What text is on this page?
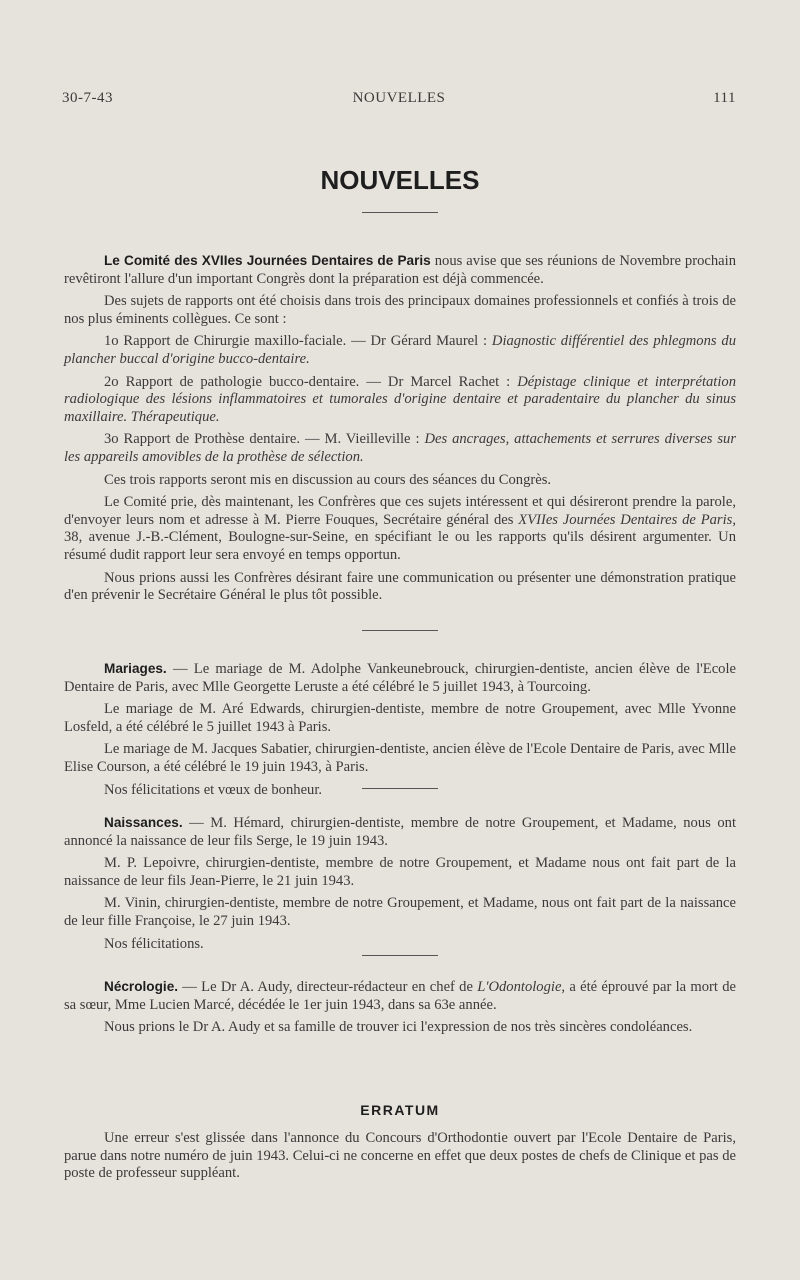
30-7-43	NOUVELLES	111
NOUVELLES

Le Comité des XVIIes Journées Dentaires de Paris nous avise que ses réunions de Novembre prochain revêtiront l'allure d'un important Congrès dont la préparation est déjà commencée.

Des sujets de rapports ont été choisis dans trois des principaux domaines professionnels et confiés à trois de nos plus éminents collègues. Ce sont :

1o Rapport de Chirurgie maxillo-faciale. — Dr Gérard Maurel : Diagnostic différentiel des phlegmons du plancher buccal d'origine bucco-dentaire.

2o Rapport de pathologie bucco-dentaire. — Dr Marcel Rachet : Dépistage clinique et interprétation radiologique des lésions inflammatoires et tumorales d'origine dentaire et paradentaire du plancher du sinus maxillaire. Thérapeutique.

3o Rapport de Prothèse dentaire. — M. Vieilleville : Des ancrages, attachements et serrures diverses sur les appareils amovibles de la prothèse de sélection.

Ces trois rapports seront mis en discussion au cours des séances du Congrès.

Le Comité prie, dès maintenant, les Confrères que ces sujets intéressent et qui désireront prendre la parole, d'envoyer leurs nom et adresse à M. Pierre Fouques, Secrétaire général des XVIIes Journées Dentaires de Paris, 38, avenue J.-B.-Clément, Boulogne-sur-Seine, en spécifiant le ou les rapports qu'ils désirent argumenter. Un résumé dudit rapport leur sera envoyé en temps opportun.

Nous prions aussi les Confrères désirant faire une communication ou présenter une démonstration pratique d'en prévenir le Secrétaire Général le plus tôt possible.

Mariages. — Le mariage de M. Adolphe Vankeunebrouck, chirurgien-dentiste, ancien élève de l'Ecole Dentaire de Paris, avec Mlle Georgette Leruste a été célébré le 5 juillet 1943, à Tourcoing.

Le mariage de M. Aré Edwards, chirurgien-dentiste, membre de notre Groupement, avec Mlle Yvonne Losfeld, a été célébré le 5 juillet 1943 à Paris.

Le mariage de M. Jacques Sabatier, chirurgien-dentiste, ancien élève de l'Ecole Dentaire de Paris, avec Mlle Elise Courson, a été célébré le 19 juin 1943, à Paris.

Nos félicitations et vœux de bonheur.

Naissances. — M. Hémard, chirurgien-dentiste, membre de notre Groupement, et Madame, nous ont annoncé la naissance de leur fils Serge, le 19 juin 1943.

M. P. Lepoivre, chirurgien-dentiste, membre de notre Groupement, et Madame nous ont fait part de la naissance de leur fils Jean-Pierre, le 21 juin 1943.

M. Vinin, chirurgien-dentiste, membre de notre Groupement, et Madame, nous ont fait part de la naissance de leur fille Françoise, le 27 juin 1943.

Nos félicitations.

Nécrologie. — Le Dr A. Audy, directeur-rédacteur en chef de L'Odontologie, a été éprouvé par la mort de sa sœur, Mme Lucien Marcé, décédée le 1er juin 1943, dans sa 63e année.

Nous prions le Dr A. Audy et sa famille de trouver ici l'expression de nos très sincères condoléances.

ERRATUM

Une erreur s'est glissée dans l'annonce du Concours d'Orthodontie ouvert par l'Ecole Dentaire de Paris, parue dans notre numéro de juin 1943. Celui-ci ne concerne en effet que deux postes de chefs de Clinique et pas de poste de professeur suppléant.
